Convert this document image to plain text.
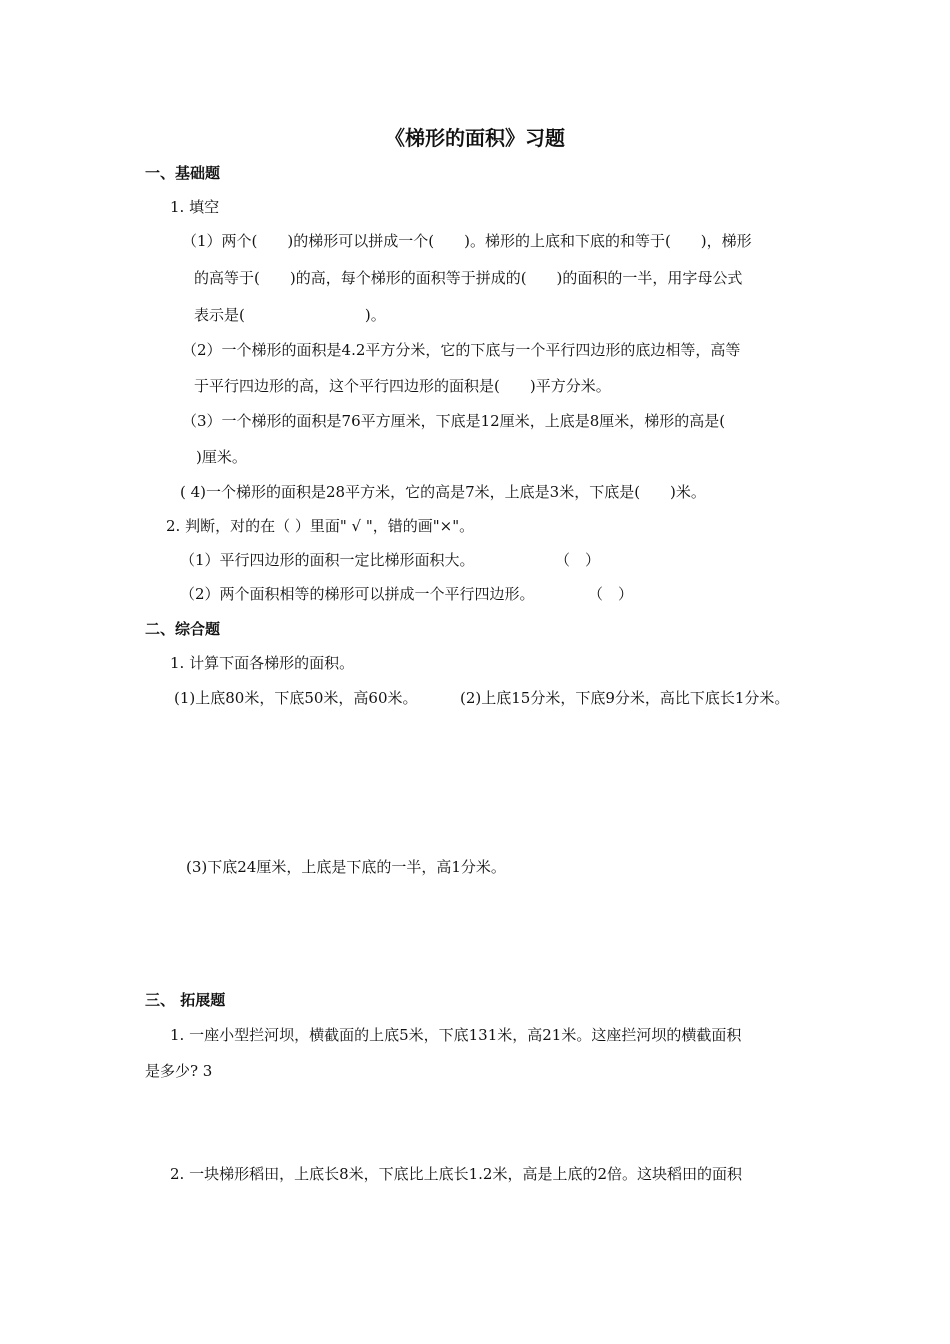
《梯形的面积》习题
一、基础题
1. 填空
（1）两个(　　)的梯形可以拼成一个(　　)。梯形的上底和下底的和等于(　　)，梯形
的高等于(　　)的高，每个梯形的面积等于拼成的(　　)的面积的一半，用字母公式
表示是(　　　　　　　　)。
（2）一个梯形的面积是4.2平方分米，它的下底与一个平行四边形的底边相等，高等
于平行四边形的高，这个平行四边形的面积是(　　)平方分米。
（3）一个梯形的面积是76平方厘米，下底是12厘米，上底是8厘米，梯形的高是(
)厘米。
( 4)一个梯形的面积是28平方米，它的高是7米，上底是3米，下底是(　　)米。
2. 判断，对的在（ ）里面" √ "，错的画"×"。
（1）平行四边形的面积一定比梯形面积大。	（　）
（2）两个面积相等的梯形可以拼成一个平行四边形。	（　）
二、综合题
1. 计算下面各梯形的面积。
(1)上底80米，下底50米，高60米。	(2)上底15分米，下底9分米，高比下底长1分米。
(3)下底24厘米，上底是下底的一半，高1分米。
三、 拓展题
1. 一座小型拦河坝，横截面的上底5米，下底131米，高21米。这座拦河坝的横截面积
是多少? 3
2. 一块梯形稻田，上底长8米，下底比上底长1.2米，高是上底的2倍。这块稻田的面积
